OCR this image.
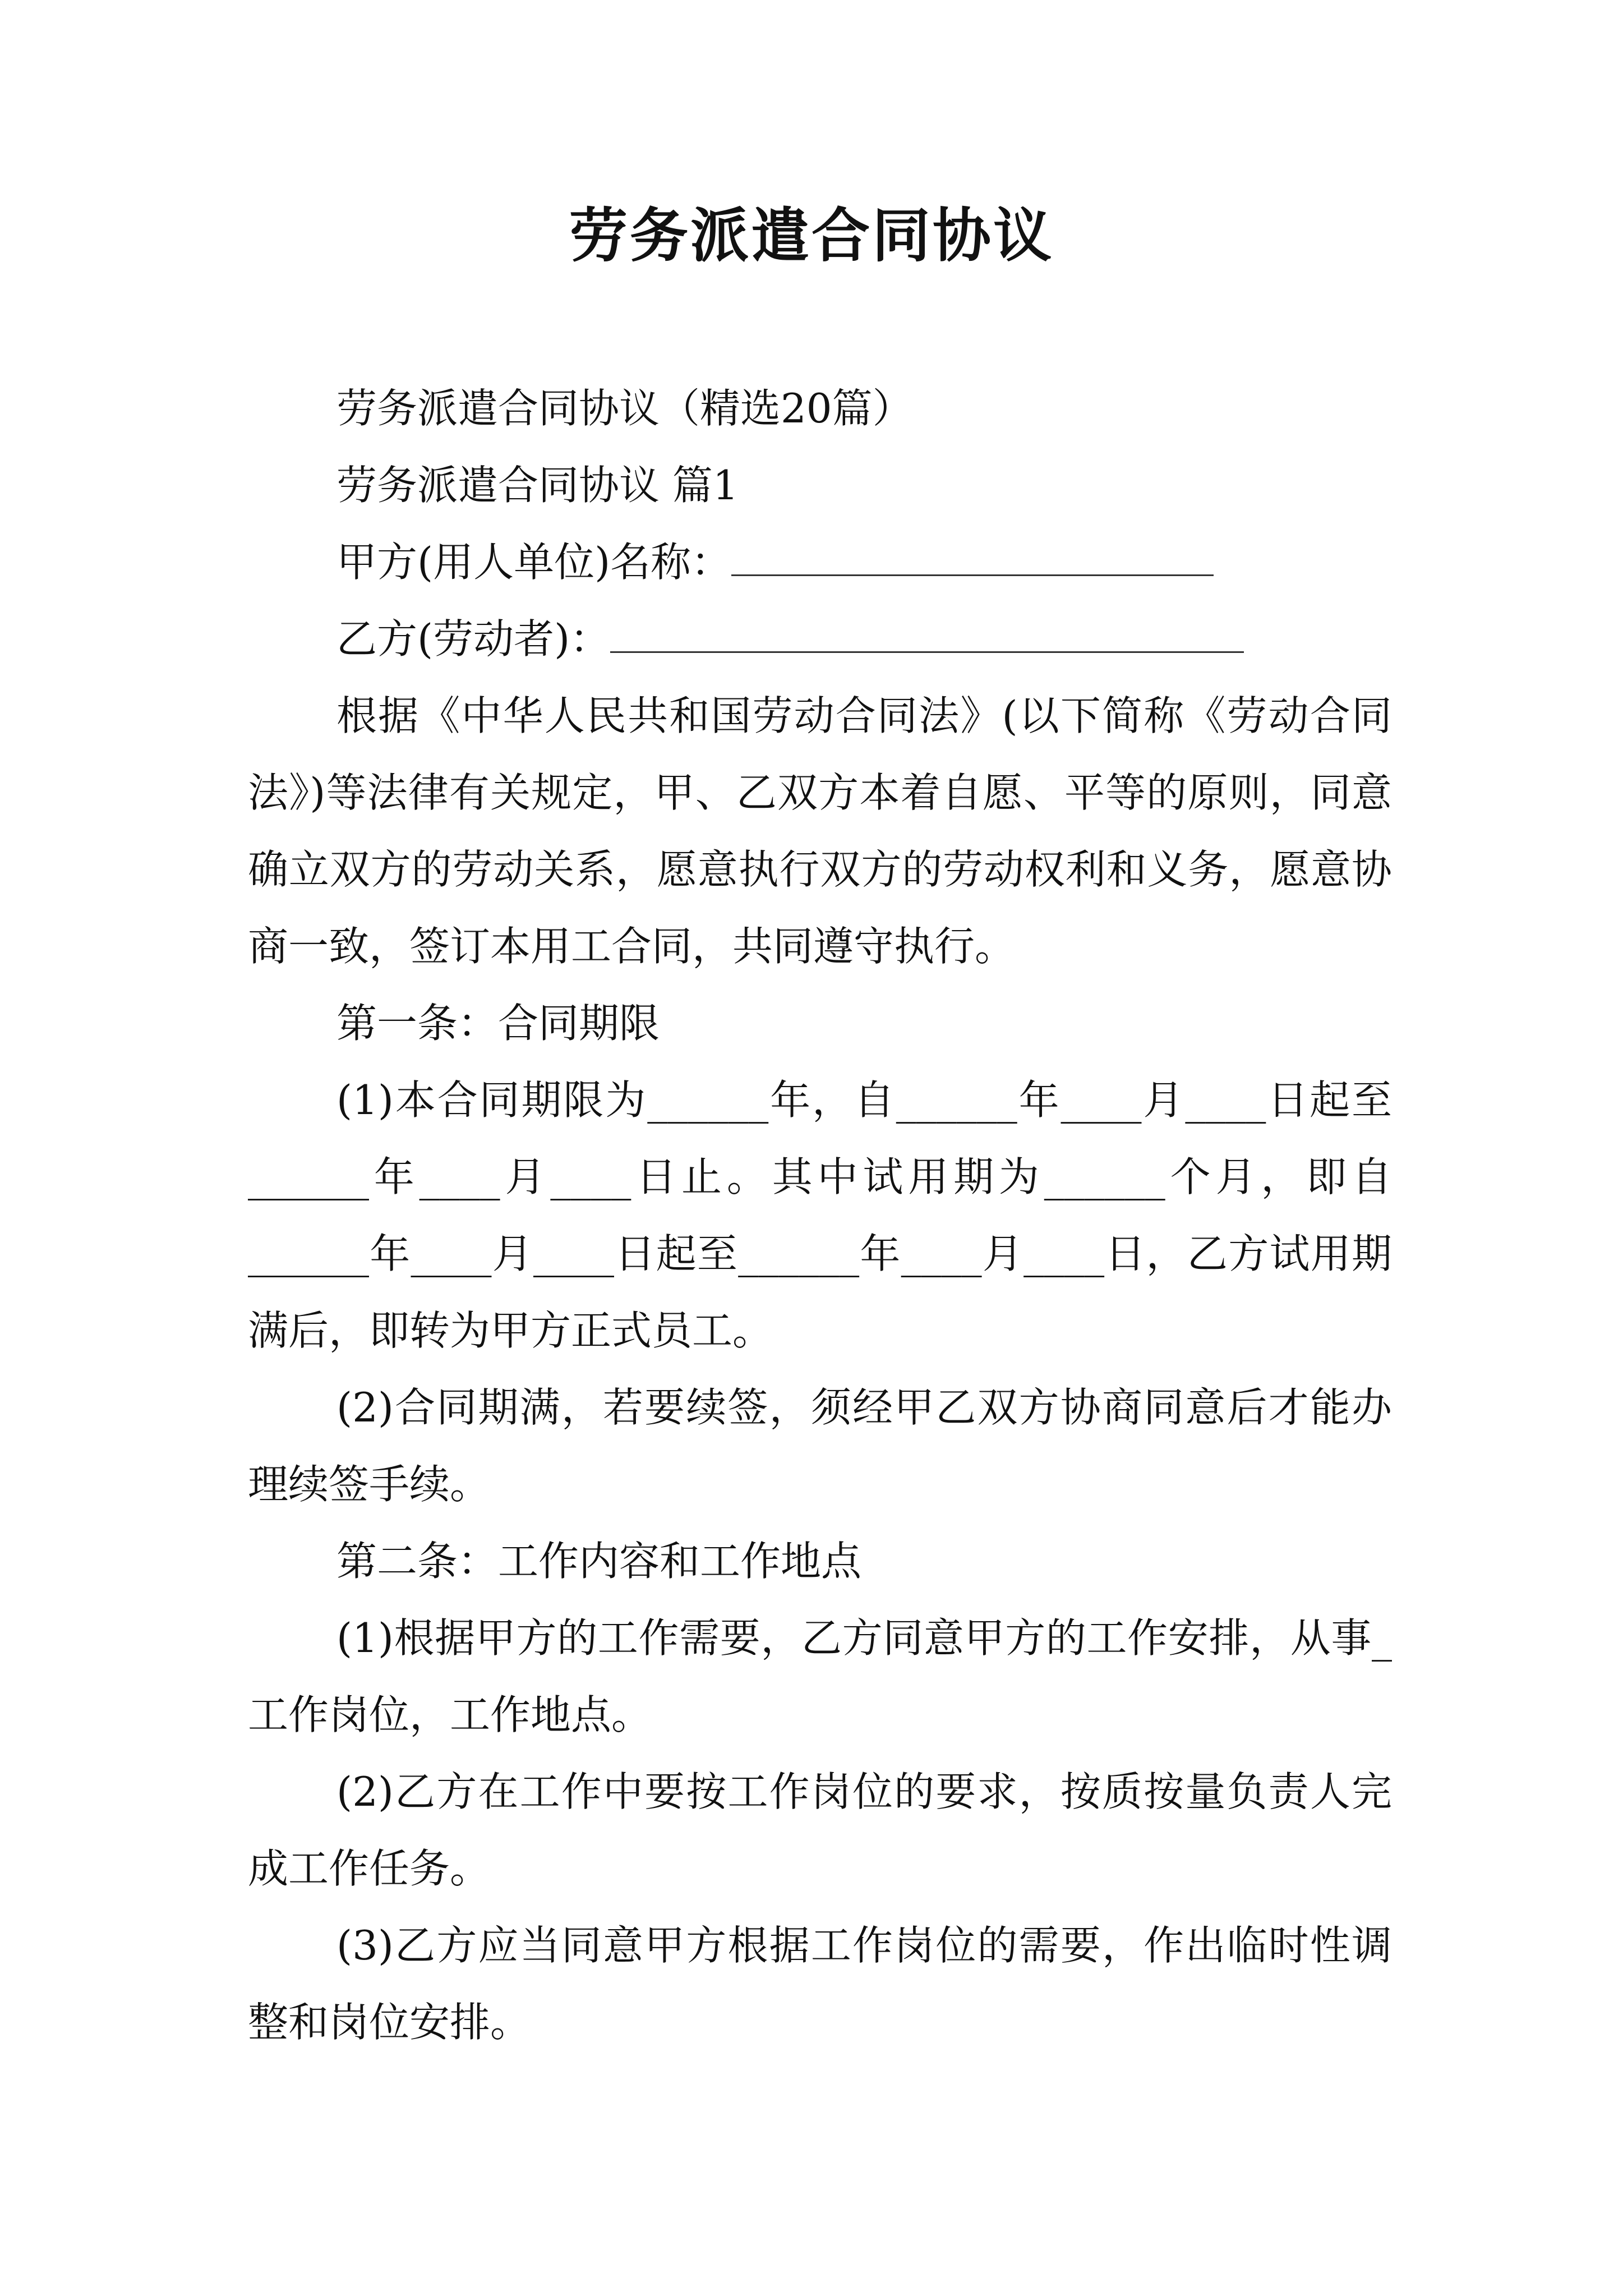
劳务派遣合同协议

劳务派遣合同协议（精选20篇）

劳务派遣合同协议 篇1

甲方(用人单位)名称：

乙方(劳动者)：

根据《中华人民共和国劳动合同法》(以下简称《劳动合同法》)等法律有关规定，甲、乙双方本着自愿、平等的原则，同意确立双方的劳动关系，愿意执行双方的劳动权利和义务，愿意协商一致，签订本用工合同，共同遵守执行。

第一条：合同期限

(1)本合同期限为______年，自______年____月____日起至______年____月____日止。其中试用期为______个月，即自______年____月____日起至______年____月____日，乙方试用期满后，即转为甲方正式员工。

(2)合同期满，若要续签，须经甲乙双方协商同意后才能办理续签手续。

第二条：工作内容和工作地点

(1)根据甲方的工作需要，乙方同意甲方的工作安排，从事_工作岗位，工作地点。

(2)乙方在工作中要按工作岗位的要求，按质按量负责人完成工作任务。

(3)乙方应当同意甲方根据工作岗位的需要，作出临时性调整和岗位安排。
